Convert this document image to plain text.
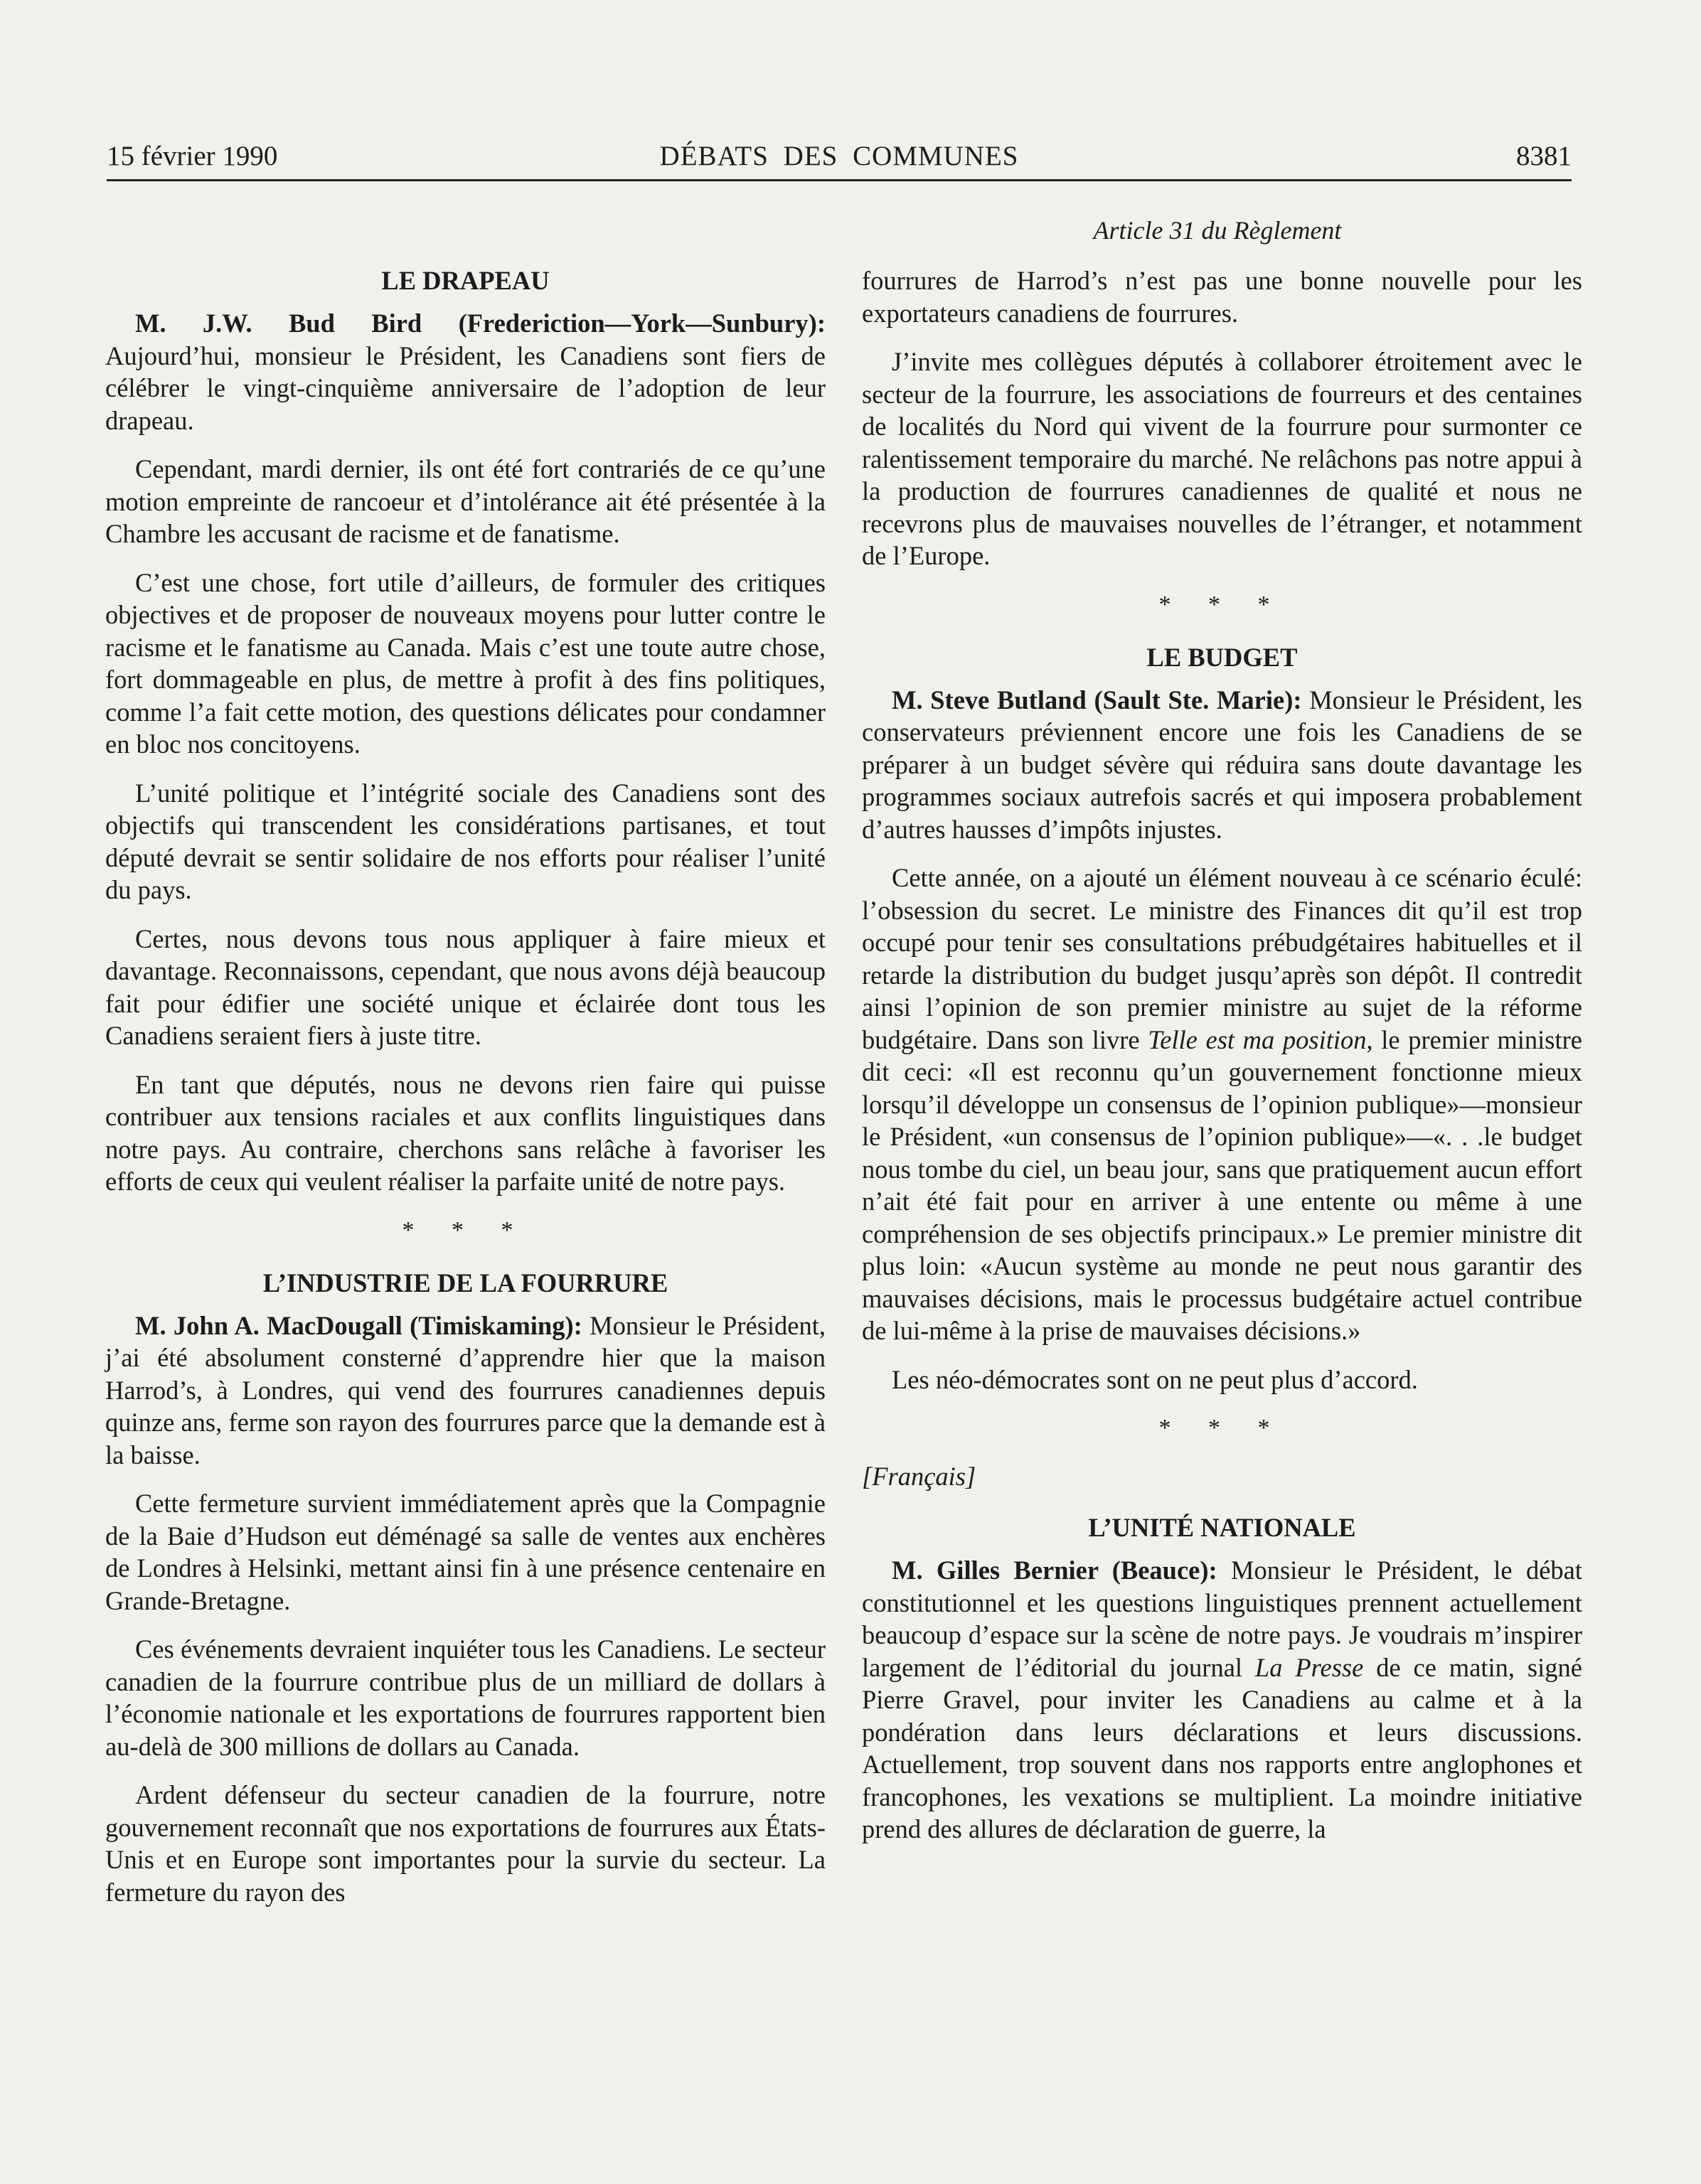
15 février 1990	DÉBATS DES COMMUNES	8381
Article 31 du Règlement
LE DRAPEAU

M. J.W. Bud Bird (Frederiction—York—Sunbury): Aujourd’hui, monsieur le Président, les Canadiens sont fiers de célébrer le vingt-cinquième anniversaire de l’adoption de leur drapeau.

Cependant, mardi dernier, ils ont été fort contrariés de ce qu’une motion empreinte de rancoeur et d’intolérance ait été présentée à la Chambre les accusant de racisme et de fanatisme.

C’est une chose, fort utile d’ailleurs, de formuler des critiques objectives et de proposer de nouveaux moyens pour lutter contre le racisme et le fanatisme au Canada. Mais c’est une toute autre chose, fort dommageable en plus, de mettre à profit à des fins politiques, comme l’a fait cette motion, des questions délicates pour condamner en bloc nos concitoyens.

L’unité politique et l’intégrité sociale des Canadiens sont des objectifs qui transcendent les considérations partisanes, et tout député devrait se sentir solidaire de nos efforts pour réaliser l’unité du pays.

Certes, nous devons tous nous appliquer à faire mieux et davantage. Reconnaissons, cependant, que nous avons déjà beaucoup fait pour édifier une société unique et éclairée dont tous les Canadiens seraient fiers à juste titre.

En tant que députés, nous ne devons rien faire qui puisse contribuer aux tensions raciales et aux conflits linguistiques dans notre pays. Au contraire, cherchons sans relâche à favoriser les efforts de ceux qui veulent réaliser la parfaite unité de notre pays.

* * *
L’INDUSTRIE DE LA FOURRURE

M. John A. MacDougall (Timiskaming): Monsieur le Président, j’ai été absolument consterné d’apprendre hier que la maison Harrod’s, à Londres, qui vend des fourrures canadiennes depuis quinze ans, ferme son rayon des fourrures parce que la demande est à la baisse.

Cette fermeture survient immédiatement après que la Compagnie de la Baie d’Hudson eut déménagé sa salle de ventes aux enchères de Londres à Helsinki, mettant ainsi fin à une présence centenaire en Grande-Bretagne.

Ces événements devraient inquiéter tous les Canadiens. Le secteur canadien de la fourrure contribue plus de un milliard de dollars à l’économie nationale et les exportations de fourrures rapportent bien au-delà de 300 millions de dollars au Canada.

Ardent défenseur du secteur canadien de la fourrure, notre gouvernement reconnaît que nos exportations de fourrures aux États-Unis et en Europe sont importantes pour la survie du secteur. La fermeture du rayon des

fourrures de Harrod’s n’est pas une bonne nouvelle pour les exportateurs canadiens de fourrures.

J’invite mes collègues députés à collaborer étroitement avec le secteur de la fourrure, les associations de fourreurs et des centaines de localités du Nord qui vivent de la fourrure pour surmonter ce ralentissement temporaire du marché. Ne relâchons pas notre appui à la production de fourrures canadiennes de qualité et nous ne recevrons plus de mauvaises nouvelles de l’étranger, et notamment de l’Europe.

* * *
LE BUDGET

M. Steve Butland (Sault Ste. Marie): Monsieur le Président, les conservateurs préviennent encore une fois les Canadiens de se préparer à un budget sévère qui réduira sans doute davantage les programmes sociaux autrefois sacrés et qui imposera probablement d’autres hausses d’impôts injustes.

Cette année, on a ajouté un élément nouveau à ce scénario éculé: l’obsession du secret. Le ministre des Finances dit qu’il est trop occupé pour tenir ses consultations prébudgétaires habituelles et il retarde la distribution du budget jusqu’après son dépôt. Il contredit ainsi l’opinion de son premier ministre au sujet de la réforme budgétaire. Dans son livre Telle est ma position, le premier ministre dit ceci: «Il est reconnu qu’un gouvernement fonctionne mieux lorsqu’il développe un consensus de l’opinion publique»—monsieur le Président, «un consensus de l’opinion publique»—«. . .le budget nous tombe du ciel, un beau jour, sans que pratiquement aucun effort n’ait été fait pour en arriver à une entente ou même à une compréhension de ses objectifs principaux.» Le premier ministre dit plus loin: «Aucun système au monde ne peut nous garantir des mauvaises décisions, mais le processus budgétaire actuel contribue de lui-même à la prise de mauvaises décisions.»

Les néo-démocrates sont on ne peut plus d’accord.

* * *
[Français]
L’UNITÉ NATIONALE

M. Gilles Bernier (Beauce): Monsieur le Président, le débat constitutionnel et les questions linguistiques prennent actuellement beaucoup d’espace sur la scène de notre pays. Je voudrais m’inspirer largement de l’éditorial du journal La Presse de ce matin, signé Pierre Gravel, pour inviter les Canadiens au calme et à la pondération dans leurs déclarations et leurs discussions. Actuellement, trop souvent dans nos rapports entre anglophones et francophones, les vexations se multiplient. La moindre initiative prend des allures de déclaration de guerre, la
